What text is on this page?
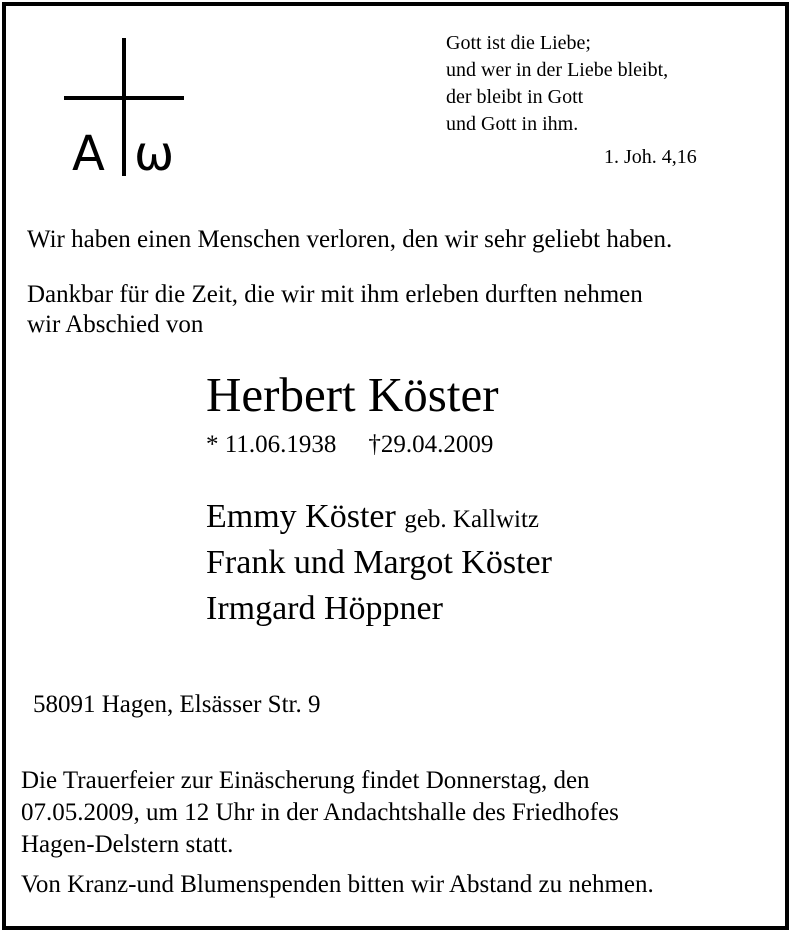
A ω
Gott ist die Liebe;
und wer in der Liebe bleibt,
der bleibt in Gott
und Gott in ihm.
1. Joh. 4,16
Wir haben einen Menschen verloren, den wir sehr geliebt haben.
Dankbar für die Zeit, die wir mit ihm erleben durften nehmen
wir Abschied von
Herbert Köster
* 11.06.1938 †29.04.2009
Emmy Köster geb. Kallwitz
Frank und Margot Köster
Irmgard Höppner
58091 Hagen, Elsässer Str. 9
Die Trauerfeier zur Einäscherung findet Donnerstag, den
07.05.2009, um 12 Uhr in der Andachtshalle des Friedhofes
Hagen-Delstern statt.
Von Kranz-und Blumenspenden bitten wir Abstand zu nehmen.
